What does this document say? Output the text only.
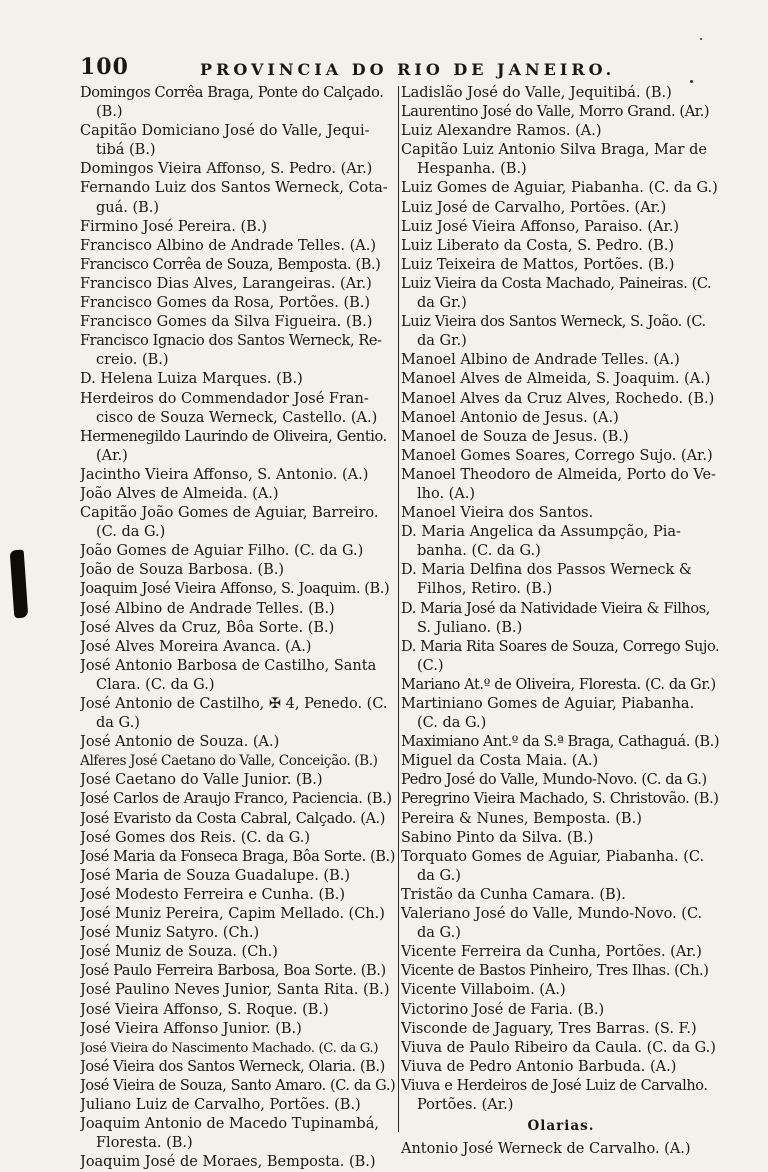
100	PROVINCIA DO RIO DE JANEIRO.
Domingos Corrêa Braga, Ponte do Calçado.
(B.)
Capitão Domiciano José do Valle, Jequi-
tibá (B.)
Domingos Vieira Affonso, S. Pedro. (Ar.)
Fernando Luiz dos Santos Werneck, Cota-
guá. (B.)
Firmino José Pereira. (B.)
Francisco Albino de Andrade Telles. (A.)
Francisco Corrêa de Souza, Bemposta. (B.)
Francisco Dias Alves, Larangeiras. (Ar.)
Francisco Gomes da Rosa, Portões. (B.)
Francisco Gomes da Silva Figueira. (B.)
Francisco Ignacio dos Santos Werneck, Re-
creio. (B.)
D. Helena Luiza Marques. (B.)
Herdeiros do Commendador José Fran-
cisco de Souza Werneck, Castello. (A.)
Hermenegildo Laurindo de Oliveira, Gentio.
(Ar.)
Jacintho Vieira Affonso, S. Antonio. (A.)
João Alves de Almeida. (A.)
Capitão João Gomes de Aguiar, Barreiro.
(C. da G.)
João Gomes de Aguiar Filho. (C. da G.)
João de Souza Barbosa. (B.)
Joaquim José Vieira Affonso, S. Joaquim. (B.)
José Albino de Andrade Telles. (B.)
José Alves da Cruz, Bôa Sorte. (B.)
José Alves Moreira Avanca. (A.)
José Antonio Barbosa de Castilho, Santa
Clara. (C. da G.)
José Antonio de Castilho, ✠ 4, Penedo. (C.
da G.)
José Antonio de Souza. (A.)
Alferes José Caetano do Valle, Conceição. (B.)
José Caetano do Valle Junior. (B.)
José Carlos de Araujo Franco, Paciencia. (B.)
José Evaristo da Costa Cabral, Calçado. (A.)
José Gomes dos Reis. (C. da G.)
José Maria da Fonseca Braga, Bôa Sorte. (B.)
José Maria de Souza Guadalupe. (B.)
José Modesto Ferreira e Cunha. (B.)
José Muniz Pereira, Capim Mellado. (Ch.)
José Muniz Satyro. (Ch.)
José Muniz de Souza. (Ch.)
José Paulo Ferreira Barbosa, Boa Sorte. (B.)
José Paulino Neves Junior, Santa Rita. (B.)
José Vieira Affonso, S. Roque. (B.)
José Vieira Affonso Junior. (B.)
José Vieira do Nascimento Machado. (C. da G.)
José Vieira dos Santos Werneck, Olaria. (B.)
José Vieira de Souza, Santo Amaro. (C. da G.)
Juliano Luiz de Carvalho, Portões. (B.)
Joaquim Antonio de Macedo Tupinambá,
Floresta. (B.)
Joaquim José de Moraes, Bemposta. (B.)
Ladislão José do Valle, Jequitibá. (B.)
Laurentino José do Valle, Morro Grand. (Ar.)
Luiz Alexandre Ramos. (A.)
Capitão Luiz Antonio Silva Braga, Mar de
Hespanha. (B.)
Luiz Gomes de Aguiar, Piabanha. (C. da G.)
Luiz José de Carvalho, Portões. (Ar.)
Luiz José Vieira Affonso, Paraiso. (Ar.)
Luiz Liberato da Costa, S. Pedro. (B.)
Luiz Teixeira de Mattos, Portões. (B.)
Luiz Vieira da Costa Machado, Paineiras. (C.
da Gr.)
Luiz Vieira dos Santos Werneck, S. João. (C.
da Gr.)
Manoel Albino de Andrade Telles. (A.)
Manoel Alves de Almeida, S. Joaquim. (A.)
Manoel Alves da Cruz Alves, Rochedo. (B.)
Manoel Antonio de Jesus. (A.)
Manoel de Souza de Jesus. (B.)
Manoel Gomes Soares, Corrego Sujo. (Ar.)
Manoel Theodoro de Almeida, Porto do Ve-
lho. (A.)
Manoel Vieira dos Santos.
D. Maria Angelica da Assumpção, Pia-
banha. (C. da G.)
D. Maria Delfina dos Passos Werneck &
Filhos, Retiro. (B.)
D. Maria José da Natividade Vieira & Filhos,
S. Juliano. (B.)
D. Maria Rita Soares de Souza, Corrego Sujo.
(C.)
Mariano At.º de Oliveira, Floresta. (C. da Gr.)
Martiniano Gomes de Aguiar, Piabanha.
(C. da G.)
Maximiano Ant.º da S.ª Braga, Cathaguá. (B.)
Miguel da Costa Maia. (A.)
Pedro José do Valle, Mundo-Novo. (C. da G.)
Peregrino Vieira Machado, S. Christovão. (B.)
Pereira & Nunes, Bemposta. (B.)
Sabino Pinto da Silva. (B.)
Torquato Gomes de Aguiar, Piabanha. (C.
da G.)
Tristão da Cunha Camara. (B).
Valeriano José do Valle, Mundo-Novo. (C.
da G.)
Vicente Ferreira da Cunha, Portões. (Ar.)
Vicente de Bastos Pinheiro, Tres Ilhas. (Ch.)
Vicente Villaboim. (A.)
Victorino José de Faria. (B.)
Visconde de Jaguary, Tres Barras. (S. F.)
Viuva de Paulo Ribeiro da Caula. (C. da G.)
Viuva de Pedro Antonio Barbuda. (A.)
Viuva e Herdeiros de José Luiz de Carvalho.
Portões. (Ar.)
Olarias.
Antonio José Werneck de Carvalho. (A.)
